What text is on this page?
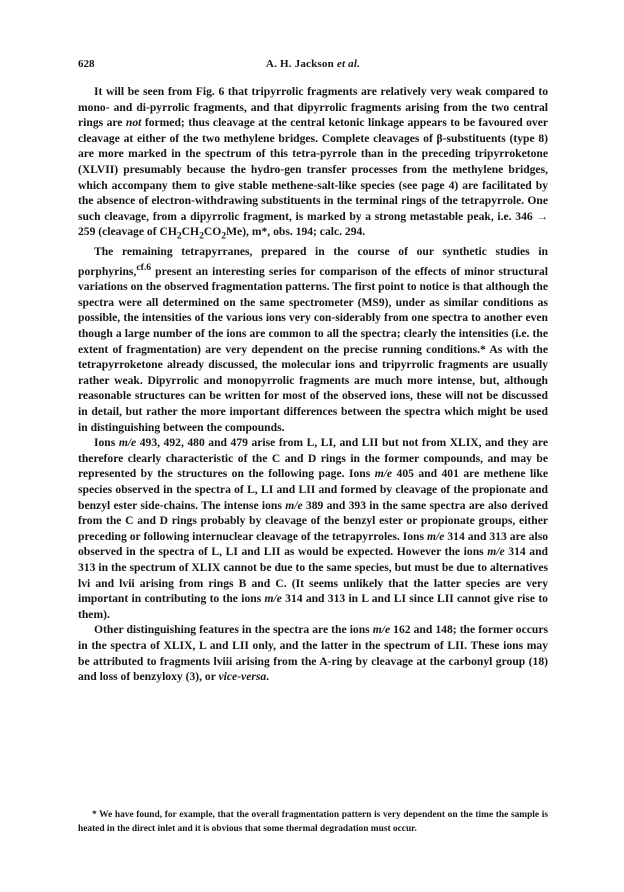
628	A. H. Jackson et al.

It will be seen from Fig. 6 that tripyrrolic fragments are relatively very weak compared to mono- and di-pyrrolic fragments, and that dipyrrolic fragments arising from the two central rings are not formed; thus cleavage at the central ketonic linkage appears to be favoured over cleavage at either of the two methylene bridges. Complete cleavages of β-substituents (type 8) are more marked in the spectrum of this tetra-pyrrole than in the preceding tripyrroketone (XLVII) presumably because the hydro-gen transfer processes from the methylene bridges, which accompany them to give stable methene-salt-like species (see page 4) are facilitated by the absence of electron-withdrawing substituents in the terminal rings of the tetrapyrrole. One such cleavage, from a dipyrrolic fragment, is marked by a strong metastable peak, i.e. 346 → 259 (cleavage of $CH_2CH_2CO_2Me$), m*, obs. 194; calc. 294.

The remaining tetrapyrranes, prepared in the course of our synthetic studies in porphyrins,$^{cf.6}$ present an interesting series for comparison of the effects of minor structural variations on the observed fragmentation patterns. The first point to notice is that although the spectra were all determined on the same spectrometer (MS9), under as similar conditions as possible, the intensities of the various ions very con-siderably from one spectra to another even though a large number of the ions are common to all the spectra; clearly the intensities (i.e. the extent of fragmentation) are very dependent on the precise running conditions.* As with the tetrapyrroketone already discussed, the molecular ions and tripyrrolic fragments are usually rather weak. Dipyrrolic and monopyrrolic fragments are much more intense, but, although reasonable structures can be written for most of the observed ions, these will not be discussed in detail, but rather the more important differences between the spectra which might be used in distinguishing between the compounds.

Ions m/e 493, 492, 480 and 479 arise from L, LI, and LII but not from XLIX, and they are therefore clearly characteristic of the C and D rings in the former compounds, and may be represented by the structures on the following page. Ions m/e 405 and 401 are methene like species observed in the spectra of L, LI and LII and formed by cleavage of the propionate and benzyl ester side-chains. The intense ions m/e 389 and 393 in the same spectra are also derived from the C and D rings probably by cleavage of the benzyl ester or propionate groups, either preceding or following internuclear cleavage of the tetrapyrroles. Ions m/e 314 and 313 are also observed in the spectra of L, LI and LII as would be expected. However the ions m/e 314 and 313 in the spectrum of XLIX cannot be due to the same species, but must be due to alternatives lvi and lvii arising from rings B and C. (It seems unlikely that the latter species are very important in contributing to the ions m/e 314 and 313 in L and LI since LII cannot give rise to them).

Other distinguishing features in the spectra are the ions m/e 162 and 148; the former occurs in the spectra of XLIX, L and LII only, and the latter in the spectrum of LII. These ions may be attributed to fragments lviii arising from the A-ring by cleavage at the carbonyl group (18) and loss of benzyloxy (3), or vice-versa.

* We have found, for example, that the overall fragmentation pattern is very dependent on the time the sample is heated in the direct inlet and it is obvious that some thermal degradation must occur.
